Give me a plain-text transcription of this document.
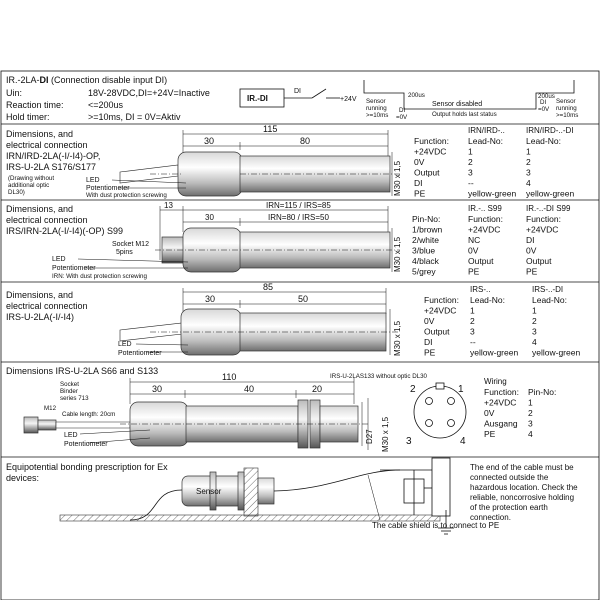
IR.-2LA-DI (Connection disable input DI)
Uin:	18V-28VDC,DI=+24V=Inactive
Reaction time:	<=200us
Hold timer:	>=10ms, DI = 0V=Aktiv
IR.-DI
DI
+24V
200us	200us
DI
=0V
DI
=0V
Sensor
running
>=10ms
Sensor disabled
Output holds last status
Sensor
running
>=10ms
Dimensions, and
electrical connection
IRN/IRD-2LA(-I/-I4)-OP,
IRS-U-2LA S176/S177
(Drawing without
additional optic
DL30)
115
30	80
M30 x 1,5
LED
Potentiometer
With dust protection screwing
IRN/IRD-..	IRN/IRD-..-DI
Function: Lead-No:	Lead-No:
+24VDC	1	1
0V	2	2
Output	3	3
DI	--	4
PE	yellow-green yellow-green
Dimensions, and
electrical connection
IRS/IRN-2LA(-I/-I4)(-OP) S99
13	IRN=115 / IRS=85
30	IRN=80 / IRS=50
M30 x 1,5
Socket M12
5pins
LED
Potentiometer
IRN: With dust protection screwing
IR.-.. S99	IR.-..-DI S99
Pin-No:	Function:	Function:
1/brown	+24VDC	+24VDC
2/white	NC	DI
3/blue	0V	0V
4/black	Output	Output
5/grey	PE	PE
Dimensions, and
electrical connection
IRS-U-2LA(-I/-I4)
85
30	50
M30 x 1,5
LED
Potentiometer
IRS-..	IRS-..-DI
Function: Lead-No:	Lead-No:
+24VDC 1	1
0V	2	2
Output 3	3
DI	--	4
PE	yellow-green yellow-green
Dimensions IRS-U-2LA S66 and S133
Socket
Binder
series 713
M12
Cable length: 20cm
110
30	40	20
IRS-U-2LAS133 without optic DL30
D27 M30 x 1,5
LED
Potentiometer
1
2
3	4
Wiring
Function: Pin-No:
+24VDC 1
0V	2
Ausgang 3
PE	4
Equipotential bonding prescription for Ex
devices:
Sensor
The end of the cable must be
connected outside the
hazardous location. Check the
reliable, noncorrosive holding
of the protection earth
connection.
The cable shield is to connect to PE
